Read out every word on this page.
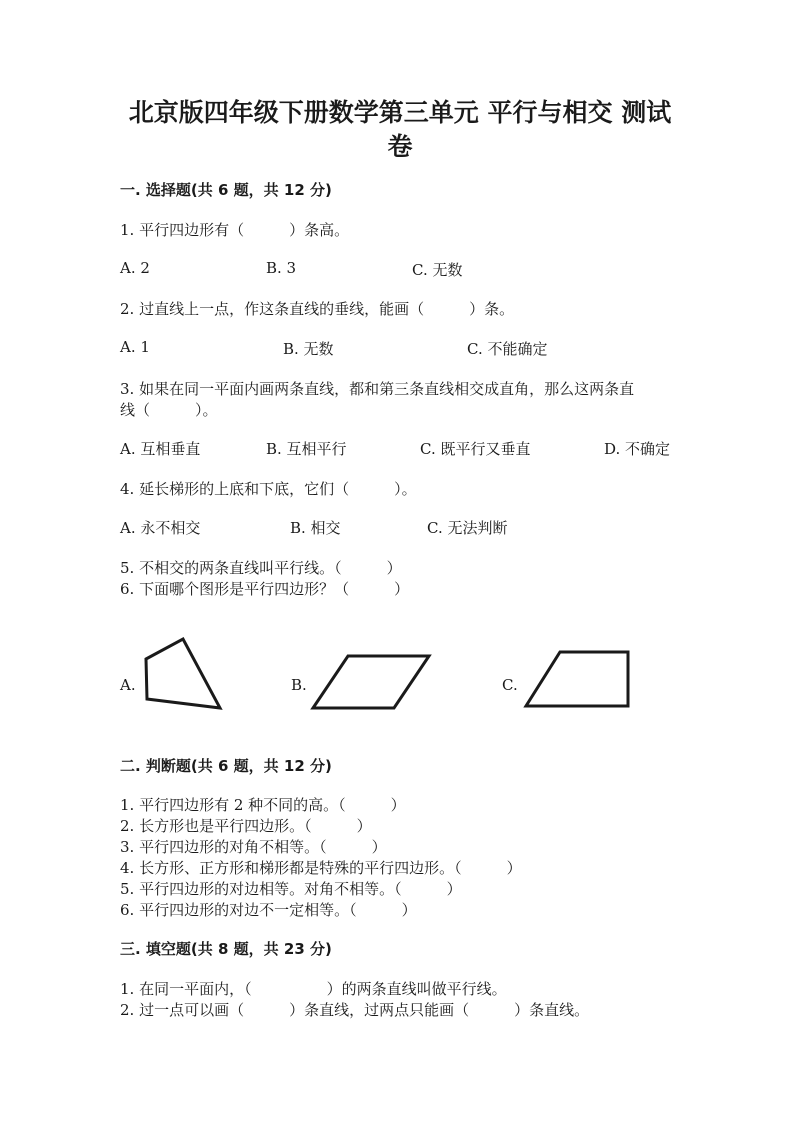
北京版四年级下册数学第三单元 平行与相交 测试
卷
一. 选择题(共 6 题，共 12 分)
1. 平行四边形有（　　　）条高。
A. 2	B. 3	C. 无数
2. 过直线上一点，作这条直线的垂线，能画（　　　）条。
A. 1	B. 无数	C. 不能确定
3. 如果在同一平面内画两条直线，都和第三条直线相交成直角，那么这两条直
线（　　　）。
A. 互相垂直	B. 互相平行	C. 既平行又垂直	D. 不确定
4. 延长梯形的上底和下底，它们（　　　）。
A. 永不相交	B. 相交	C. 无法判断
5. 不相交的两条直线叫平行线。（　　　）
6. 下面哪个图形是平行四边形？（　　　）
A.	B.	C.
二. 判断题(共 6 题，共 12 分)
1. 平行四边形有 2 种不同的高。（　　　）
2. 长方形也是平行四边形。（　　　）
3. 平行四边形的对角不相等。（　　　）
4. 长方形、正方形和梯形都是特殊的平行四边形。（　　　）
5. 平行四边形的对边相等。对角不相等。（　　　）
6. 平行四边形的对边不一定相等。（　　　）
三. 填空题(共 8 题，共 23 分)
1. 在同一平面内，（　　　　　）的两条直线叫做平行线。
2. 过一点可以画（　　　）条直线，过两点只能画（　　　）条直线。
